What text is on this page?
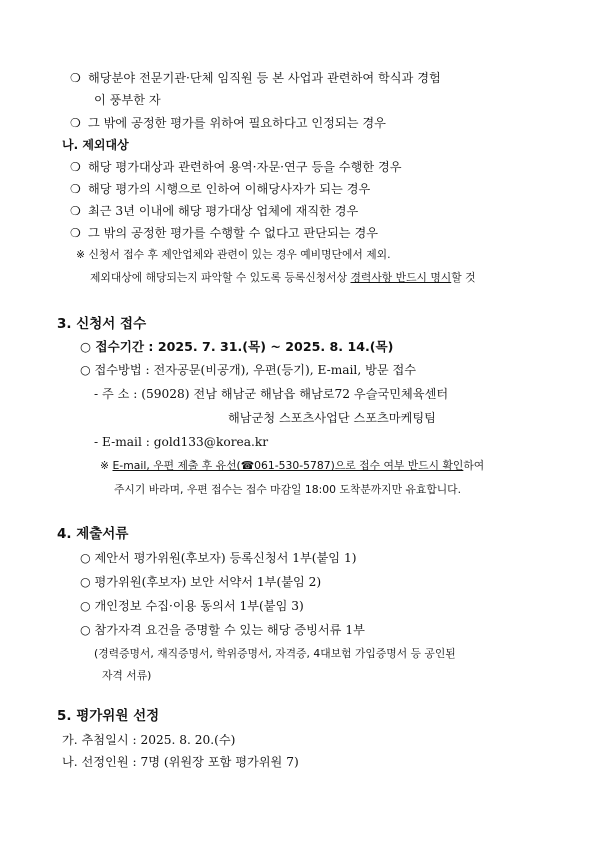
❍ 해당분야 전문기관·단체 임직원 등 본 사업과 관련하여 학식과 경험
이 풍부한 자
❍ 그 밖에 공정한 평가를 위하여 필요하다고 인정되는 경우
나. 제외대상
❍ 해당 평가대상과 관련하여 용역·자문·연구 등을 수행한 경우
❍ 해당 평가의 시행으로 인하여 이해당사자가 되는 경우
❍ 최근 3년 이내에 해당 평가대상 업체에 재직한 경우
❍ 그 밖의 공정한 평가를 수행할 수 없다고 판단되는 경우
※ 신청서 접수 후 제안업체와 관련이 있는 경우 예비명단에서 제외.
제외대상에 해당되는지 파악할 수 있도록 등록신청서상 경력사항 반드시 명시할 것
3. 신청서 접수
○ 접수기간 : 2025. 7. 31.(목) ~ 2025. 8. 14.(목)
○ 접수방법 : 전자공문(비공개), 우편(등기), E-mail, 방문 접수
- 주 소 : (59028) 전남 해남군 해남읍 해남로72 우슬국민체육센터
해남군청 스포츠사업단 스포츠마케팅팀
- E-mail : gold133@korea.kr
※ E-mail, 우편 제출 후 유선(☎061-530-5787)으로 접수 여부 반드시 확인하여
주시기 바라며, 우편 접수는 접수 마감일 18:00 도착분까지만 유효합니다.
4. 제출서류
○ 제안서 평가위원(후보자) 등록신청서 1부(붙임 1)
○ 평가위원(후보자) 보안 서약서 1부(붙임 2)
○ 개인정보 수집·이용 동의서 1부(붙임 3)
○ 참가자격 요건을 증명할 수 있는 해당 증빙서류 1부
(경력증명서, 재직증명서, 학위증명서, 자격증, 4대보험 가입증명서 등 공인된
자격 서류)
5. 평가위원 선정
가. 추첨일시 : 2025. 8. 20.(수)
나. 선정인원 : 7명 (위원장 포함 평가위원 7)
